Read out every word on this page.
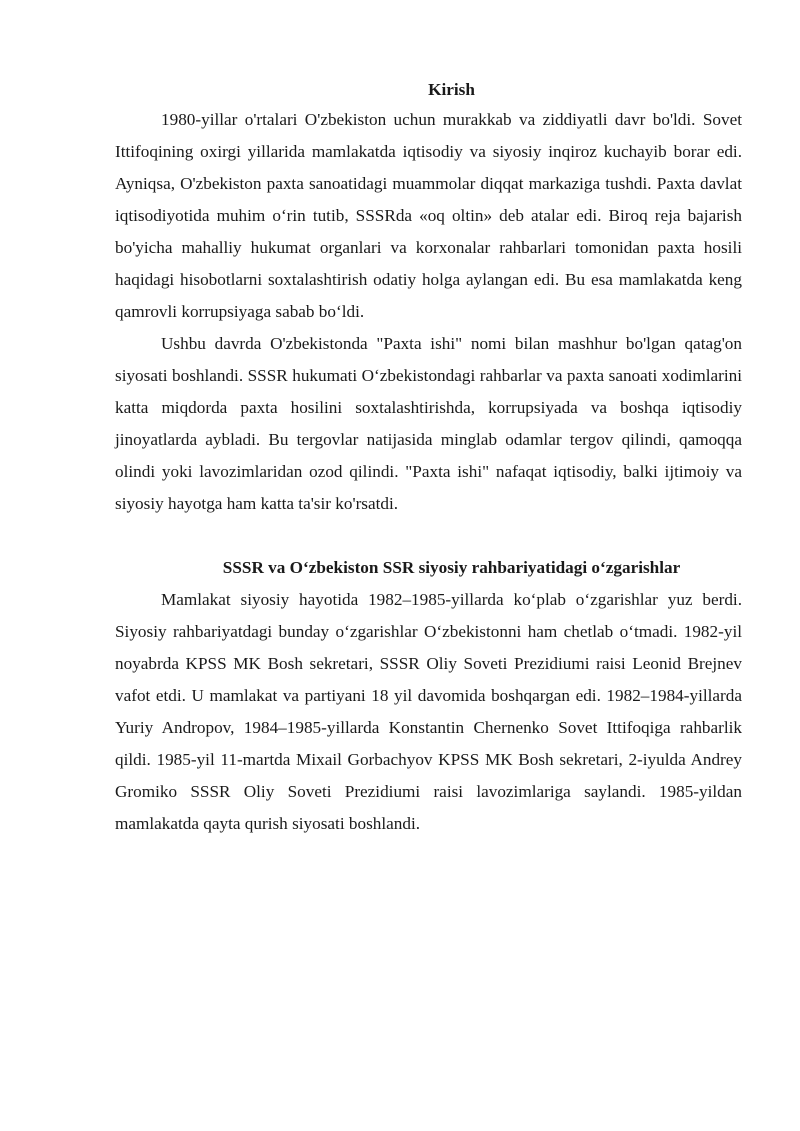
Kirish

1980-yillar o'rtalari O'zbekiston uchun murakkab va ziddiyatli davr bo'ldi. Sovet Ittifoqining oxirgi yillarida mamlakatda iqtisodiy va siyosiy inqiroz kuchayib borar edi. Ayniqsa, O'zbekiston paxta sanoatidagi muammolar diqqat markaziga tushdi. Paxta davlat iqtisodiyotida muhim o‘rin tutib, SSSRda «oq oltin» deb atalar edi. Biroq reja bajarish bo'yicha mahalliy hukumat organlari va korxonalar rahbarlari tomonidan paxta hosili haqidagi hisobotlarni soxtalashtirish odatiy holga aylangan edi. Bu esa mamlakatda keng qamrovli korrupsiyaga sabab bo‘ldi.

Ushbu davrda O'zbekistonda "Paxta ishi" nomi bilan mashhur bo'lgan qatag'on siyosati boshlandi. SSSR hukumati O‘zbekistondagi rahbarlar va paxta sanoati xodimlarini katta miqdorda paxta hosilini soxtalashtirishda, korrupsiyada va boshqa iqtisodiy jinoyatlarda aybladi. Bu tergovlar natijasida minglab odamlar tergov qilindi, qamoqqa olindi yoki lavozimlaridan ozod qilindi. "Paxta ishi" nafaqat iqtisodiy, balki ijtimoiy va siyosiy hayotga ham katta ta'sir ko'rsatdi.

SSSR va O‘zbekiston SSR siyosiy rahbariyatidagi o‘zgarishlar

Mamlakat siyosiy hayotida 1982–1985-yillarda ko‘plab o‘zgarishlar yuz berdi. Siyosiy rahbariyatdagi bunday o‘zgarishlar O‘zbekistonni ham chetlab o‘tmadi. 1982-yil noyabrda KPSS MK Bosh sekretari, SSSR Oliy Soveti Prezidiumi raisi Leonid Brejnev vafot etdi. U mamlakat va partiyani 18 yil davomida boshqargan edi. 1982–1984-yillarda Yuriy Andropov, 1984–1985-yillarda Konstantin Chernenko Sovet Ittifoqiga rahbarlik qildi. 1985-yil 11-martda Mixail Gorbachyov KPSS MK Bosh sekretari, 2-iyulda Andrey Gromiko SSSR Oliy Soveti Prezidiumi raisi lavozimlariga saylandi. 1985-yildan mamlakatda qayta qurish siyosati boshlandi.
